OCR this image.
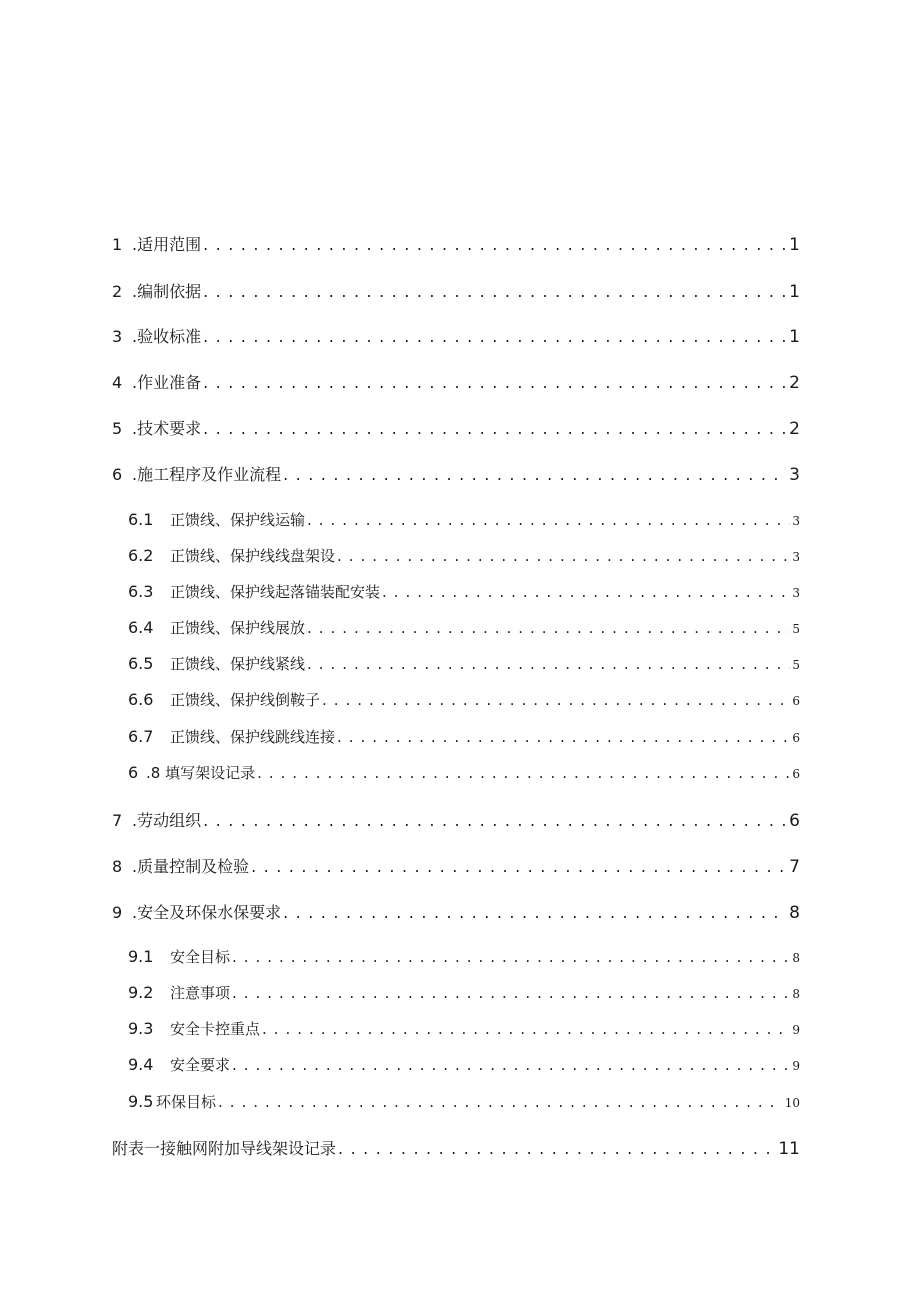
1 .适用范围 . . .	1
2 .编制依据 . . .	1
3 .验收标准 . . .	1
4 .作业准备 . . .	2
5 .技术要求 . . .	2
6 .施工程序及作业流程 . . .	3
6.1	正馈线、保护线运输 . . .	3
6.2	正馈线、保护线线盘架设 . . .	3
6.3	正馈线、保护线起落锚装配安装 . . .	3
6.4	正馈线、保护线展放 . . .	5
6.5	正馈线、保护线紧线 . . .	5
6.6	正馈线、保护线倒鞍子 . . .	6
6.7	正馈线、保护线跳线连接 . . .	6
6 .8 填写架设记录 . . .	6
7 .劳动组织 . . .	6
8 .质量控制及检验 . . .	7
9 .安全及环保水保要求 . . .	8
9.1	安全目标 . . .	8
9.2	注意事项 . . .	8
9.3	安全卡控重点 . . .	9
9.4	安全要求 . . .	9
9.5 环保目标 . . .	10
附表一接触网附加导线架设记录 . . .	11
